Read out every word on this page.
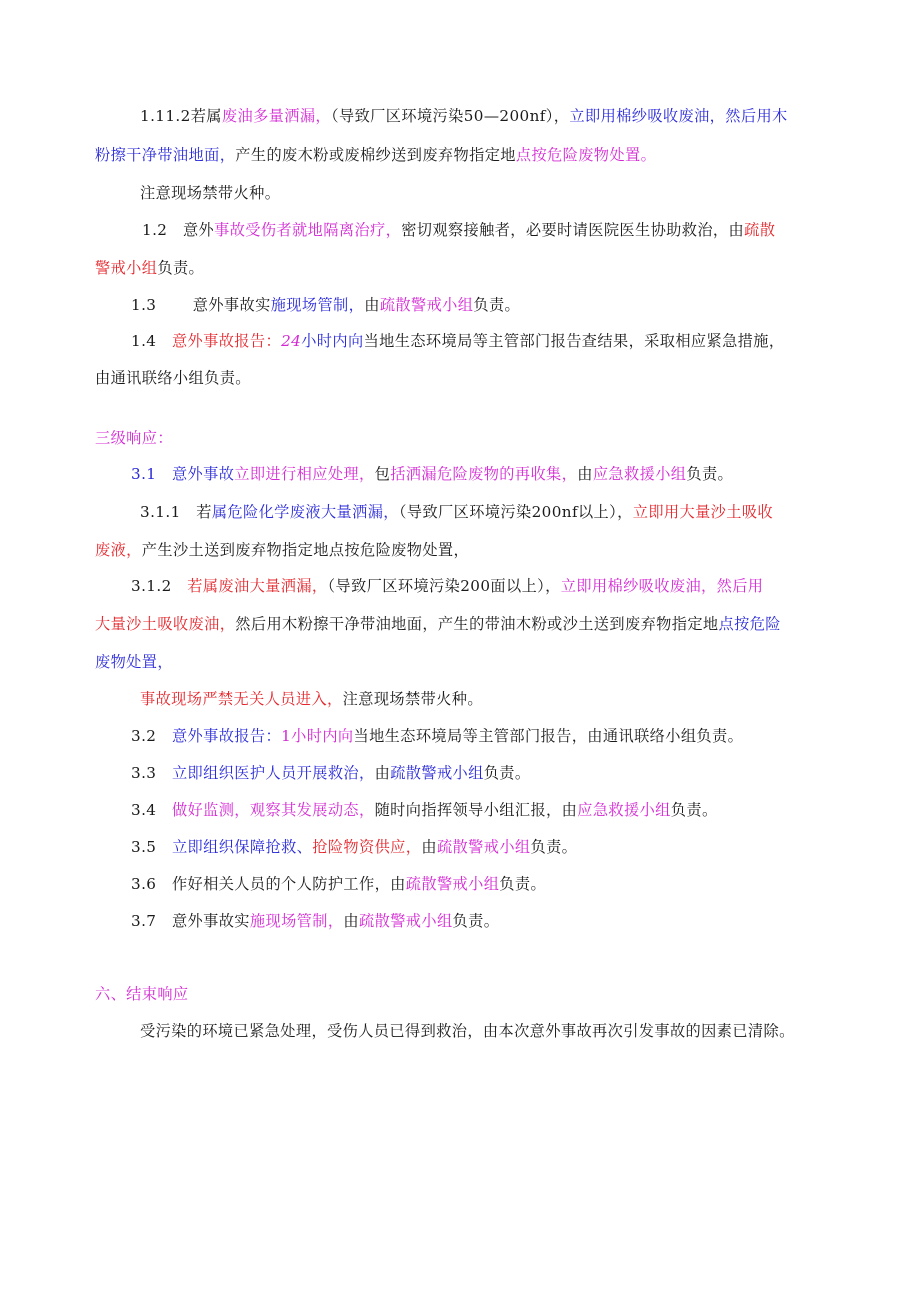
1.11.2若属废油多量洒漏，（导致厂区环境污染50—200nf），立即用棉纱吸收废油，然后用木
粉擦干净带油地面，产生的废木粉或废棉纱送到废弃物指定地点按危险废物处置。
注意现场禁带火种。
1.2　意外事故受伤者就地隔离治疗，密切观察接触者，必要时请医院医生协助救治，由疏散
警戒小组负责。
1.3　　 意外事故实施现场管制，由疏散警戒小组负责。
1.4　意外事故报告：24小时内向当地生态环境局等主管部门报告查结果，采取相应紧急措施，
由通讯联络小组负责。
三级响应：
3.1　意外事故立即进行相应处理，包括洒漏危险废物的再收集，由应急救援小组负责。
3.1.1　若属危险化学废液大量洒漏，（导致厂区环境污染200nf以上），立即用大量沙土吸收
废液，产生沙土送到废弃物指定地点按危险废物处置，
3.1.2　若属废油大量洒漏，（导致厂区环境污染200面以上），立即用棉纱吸收废油，然后用
大量沙土吸收废油，然后用木粉擦干净带油地面，产生的带油木粉或沙土送到废弃物指定地点按危险
废物处置，
事故现场严禁无关人员进入，注意现场禁带火种。
3.2　意外事故报告：1小时内向当地生态环境局等主管部门报告，由通讯联络小组负责。
3.3　立即组织医护人员开展救治，由疏散警戒小组负责。
3.4　做好监测，观察其发展动态，随时向指挥领导小组汇报，由应急救援小组负责。
3.5　立即组织保障抢救、抢险物资供应，由疏散警戒小组负责。
3.6　作好相关人员的个人防护工作，由疏散警戒小组负责。
3.7　意外事故实施现场管制，由疏散警戒小组负责。
六、结束响应
受污染的环境已紧急处理，受伤人员已得到救治，由本次意外事故再次引发事故的因素已清除。
